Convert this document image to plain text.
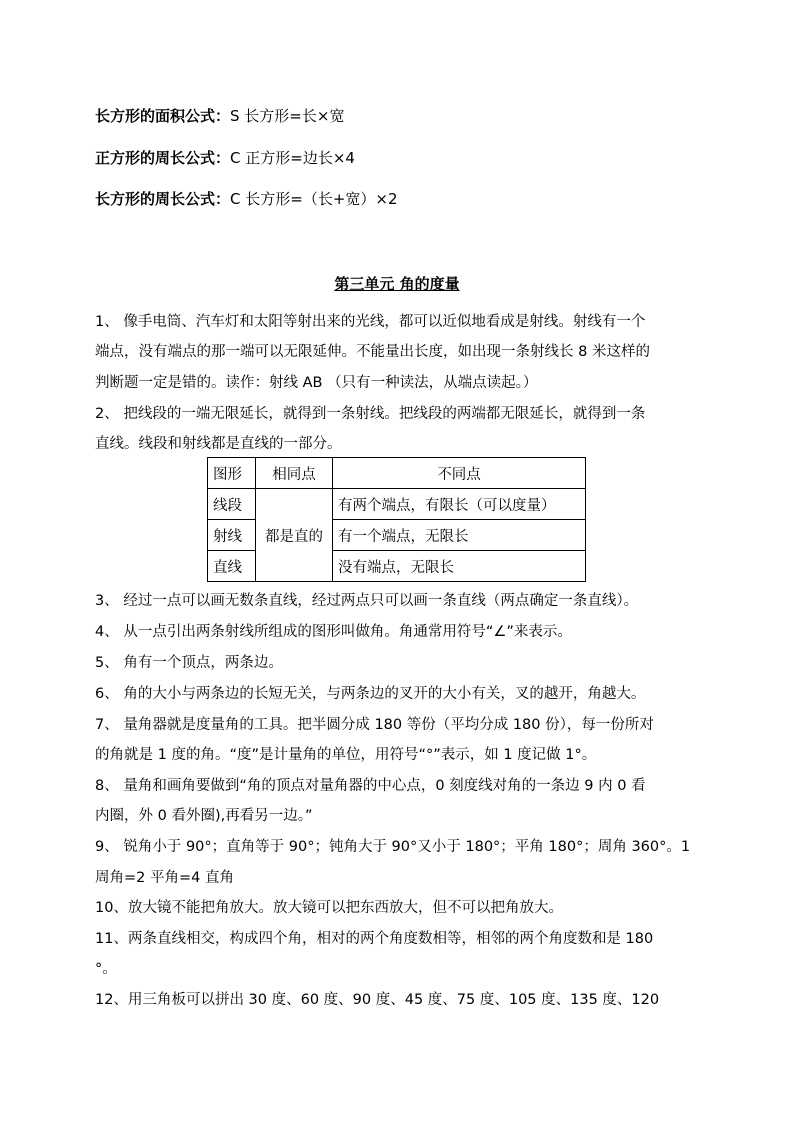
长方形的面积公式：S 长方形=长×宽
正方形的周长公式：C 正方形=边长×4
长方形的周长公式：C 长方形=（长+宽）×2
第三单元 角的度量
1、 像手电筒、汽车灯和太阳等射出来的光线，都可以近似地看成是射线。射线有一个
端点，没有端点的那一端可以无限延伸。不能量出长度，如出现一条射线长 8 米这样的
判断题一定是错的。读作：射线 AB （只有一种读法，从端点读起。）
2、 把线段的一端无限延长，就得到一条射线。把线段的两端都无限延长，就得到一条
直线。线段和射线都是直线的一部分。
图形	相同点	不同点
线段	都是直的	有两个端点，有限长（可以度量）
射线		有一个端点，无限长
直线		没有端点，无限长
3、 经过一点可以画无数条直线，经过两点只可以画一条直线（两点确定一条直线）。
4、 从一点引出两条射线所组成的图形叫做角。角通常用符号“∠”来表示。
5、 角有一个顶点，两条边。
6、 角的大小与两条边的长短无关，与两条边的叉开的大小有关，叉的越开，角越大。
7、 量角器就是度量角的工具。把半圆分成 180 等份（平均分成 180 份），每一份所对
的角就是 1 度的角。“度”是计量角的单位，用符号“°”表示，如 1 度记做 1°。
8、 量角和画角要做到“角的顶点对量角器的中心点，0 刻度线对角的一条边 9 内 0 看
内圈，外 0 看外圈),再看另一边。”
9、 锐角小于 90°；直角等于 90°；钝角大于 90°又小于 180°；平角 180°；周角 360°。1
周角=2 平角=4 直角
10、放大镜不能把角放大。放大镜可以把东西放大，但不可以把角放大。
11、两条直线相交，构成四个角，相对的两个角度数相等，相邻的两个角度数和是 180
°。
12、用三角板可以拼出 30 度、60 度、90 度、45 度、75 度、105 度、135 度、120
